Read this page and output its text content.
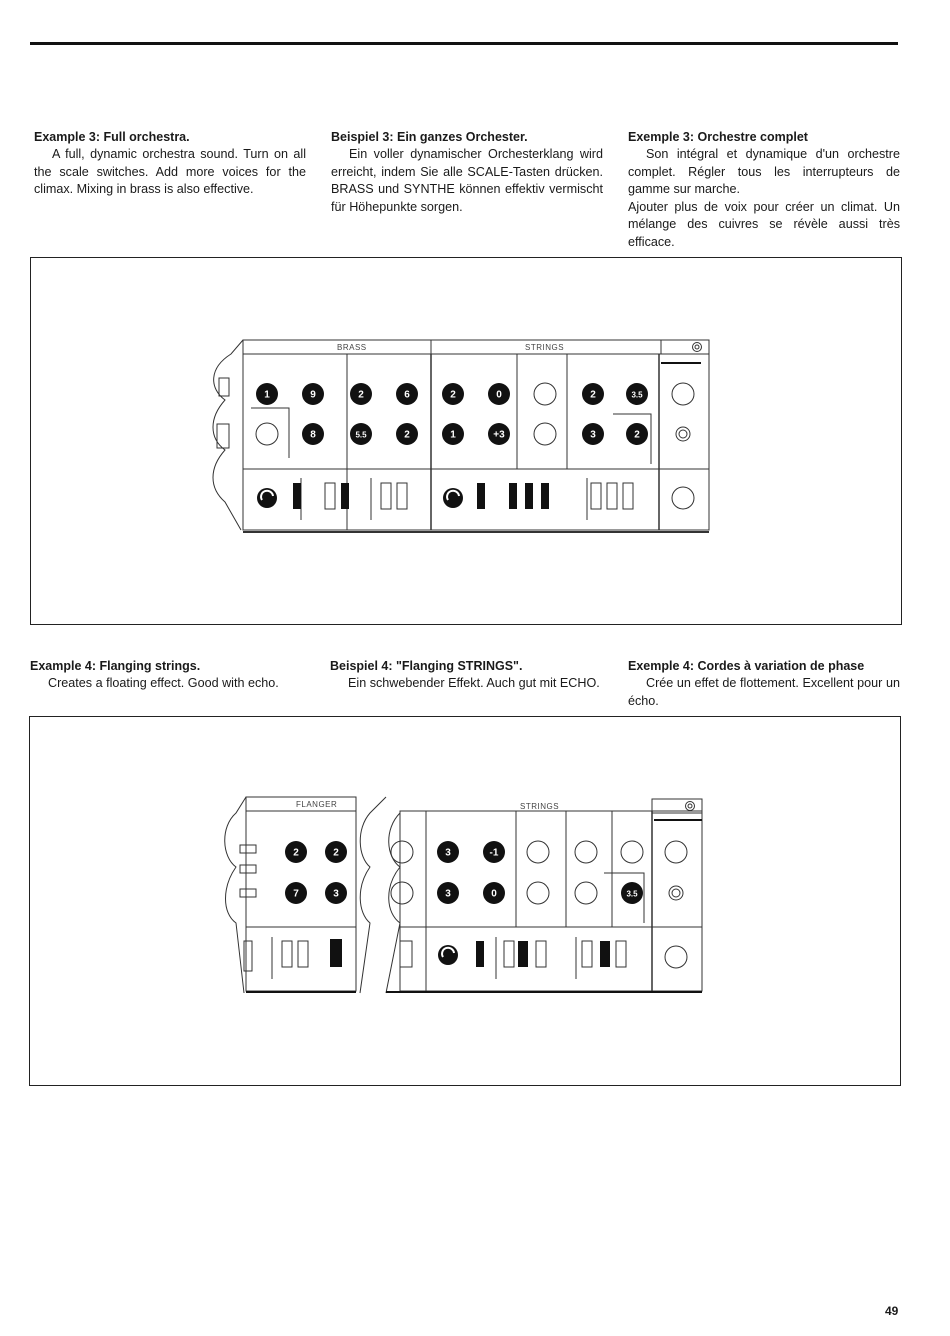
Example 3: Full orchestra.

A full, dynamic orchestra sound. Turn on all the scale switches. Add more voices for the climax. Mixing in brass is also effective.

Beispiel 3: Ein ganzes Orchester.

Ein voller dynamischer Orchesterklang wird erreicht, indem Sie alle SCALE-Tasten drücken. BRASS und SYNTHE können effektiv vermischt für Höhepunkte sorgen.

Exemple 3: Orchestre complet

Son intégral et dynamique d'un orchestre complet. Régler tous les interrupteurs de gamme sur marche.

Ajouter plus de voix pour créer un climat. Un mélange des cuivres se révèle aussi très efficace.

BRASS	STRINGS
1	9	2	6	2	0	2	3.5
8	5.5	2	1	+3	3	2
Example 4: Flanging strings.

Creates a floating effect. Good with echo.

Beispiel 4: "Flanging STRINGS".

Ein schwebender Effekt. Auch gut mit ECHO.

Exemple 4: Cordes à variation de phase

Crée un effet de flottement. Excellent pour un écho.

FLANGER	STRINGS
2	2
7	3
3	-1
3	0	3.5
49
